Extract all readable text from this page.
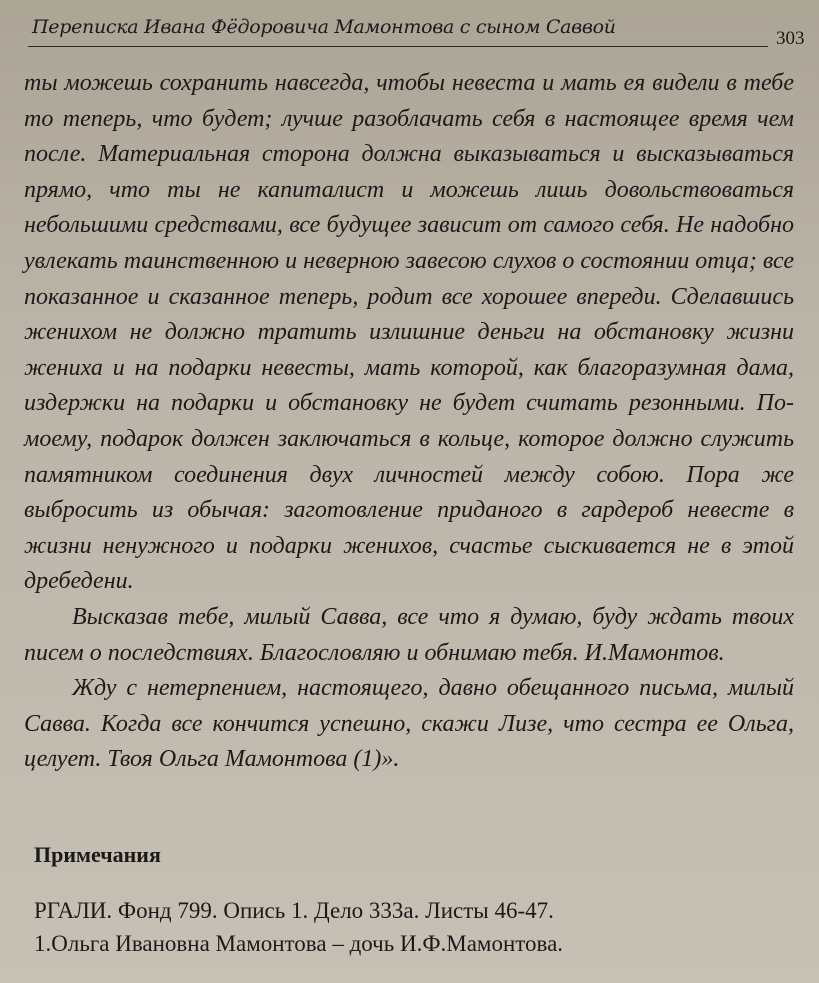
Переписка Ивана Фёдоровича Мамонтова с сыном Саввой
303

ты можешь сохранить навсегда, чтобы невеста и мать ея видели в тебе то теперь, что будет; лучше разоблачать себя в настоящее время чем после. Материальная сторона должна выказываться и высказываться прямо, что ты не капиталист и можешь лишь довольствоваться небольшими средствами, все будущее зависит от самого себя. Не надобно увлекать таинственною и неверною завесою слухов о состоянии отца; все показанное и сказанное теперь, родит все хорошее впереди. Сделавшись женихом не должно тратить излишние деньги на обстановку жизни жениха и на подарки невесты, мать которой, как благоразумная дама, издержки на подарки и обстановку не будет считать резонными. По-моему, подарок должен заключаться в кольце, которое должно служить памятником соединения двух личностей между собою. Пора же выбросить из обычая: заготовление приданого в гардероб невесте в жизни ненужного и подарки женихов, счастье сыскивается не в этой дребедени.

Высказав тебе, милый Савва, все что я думаю, буду ждать твоих писем о последствиях. Благословляю и обнимаю тебя. И.Мамонтов.

Жду с нетерпением, настоящего, давно обещанного письма, милый Савва. Когда все кончится успешно, скажи Лизе, что сестра ее Ольга, целует. Твоя Ольга Мамонтова (1)».

Примечания
РГАЛИ. Фонд 799. Опись 1. Дело 333а. Листы 46-47.
1.Ольга Ивановна Мамонтова – дочь И.Ф.Мамонтова.
